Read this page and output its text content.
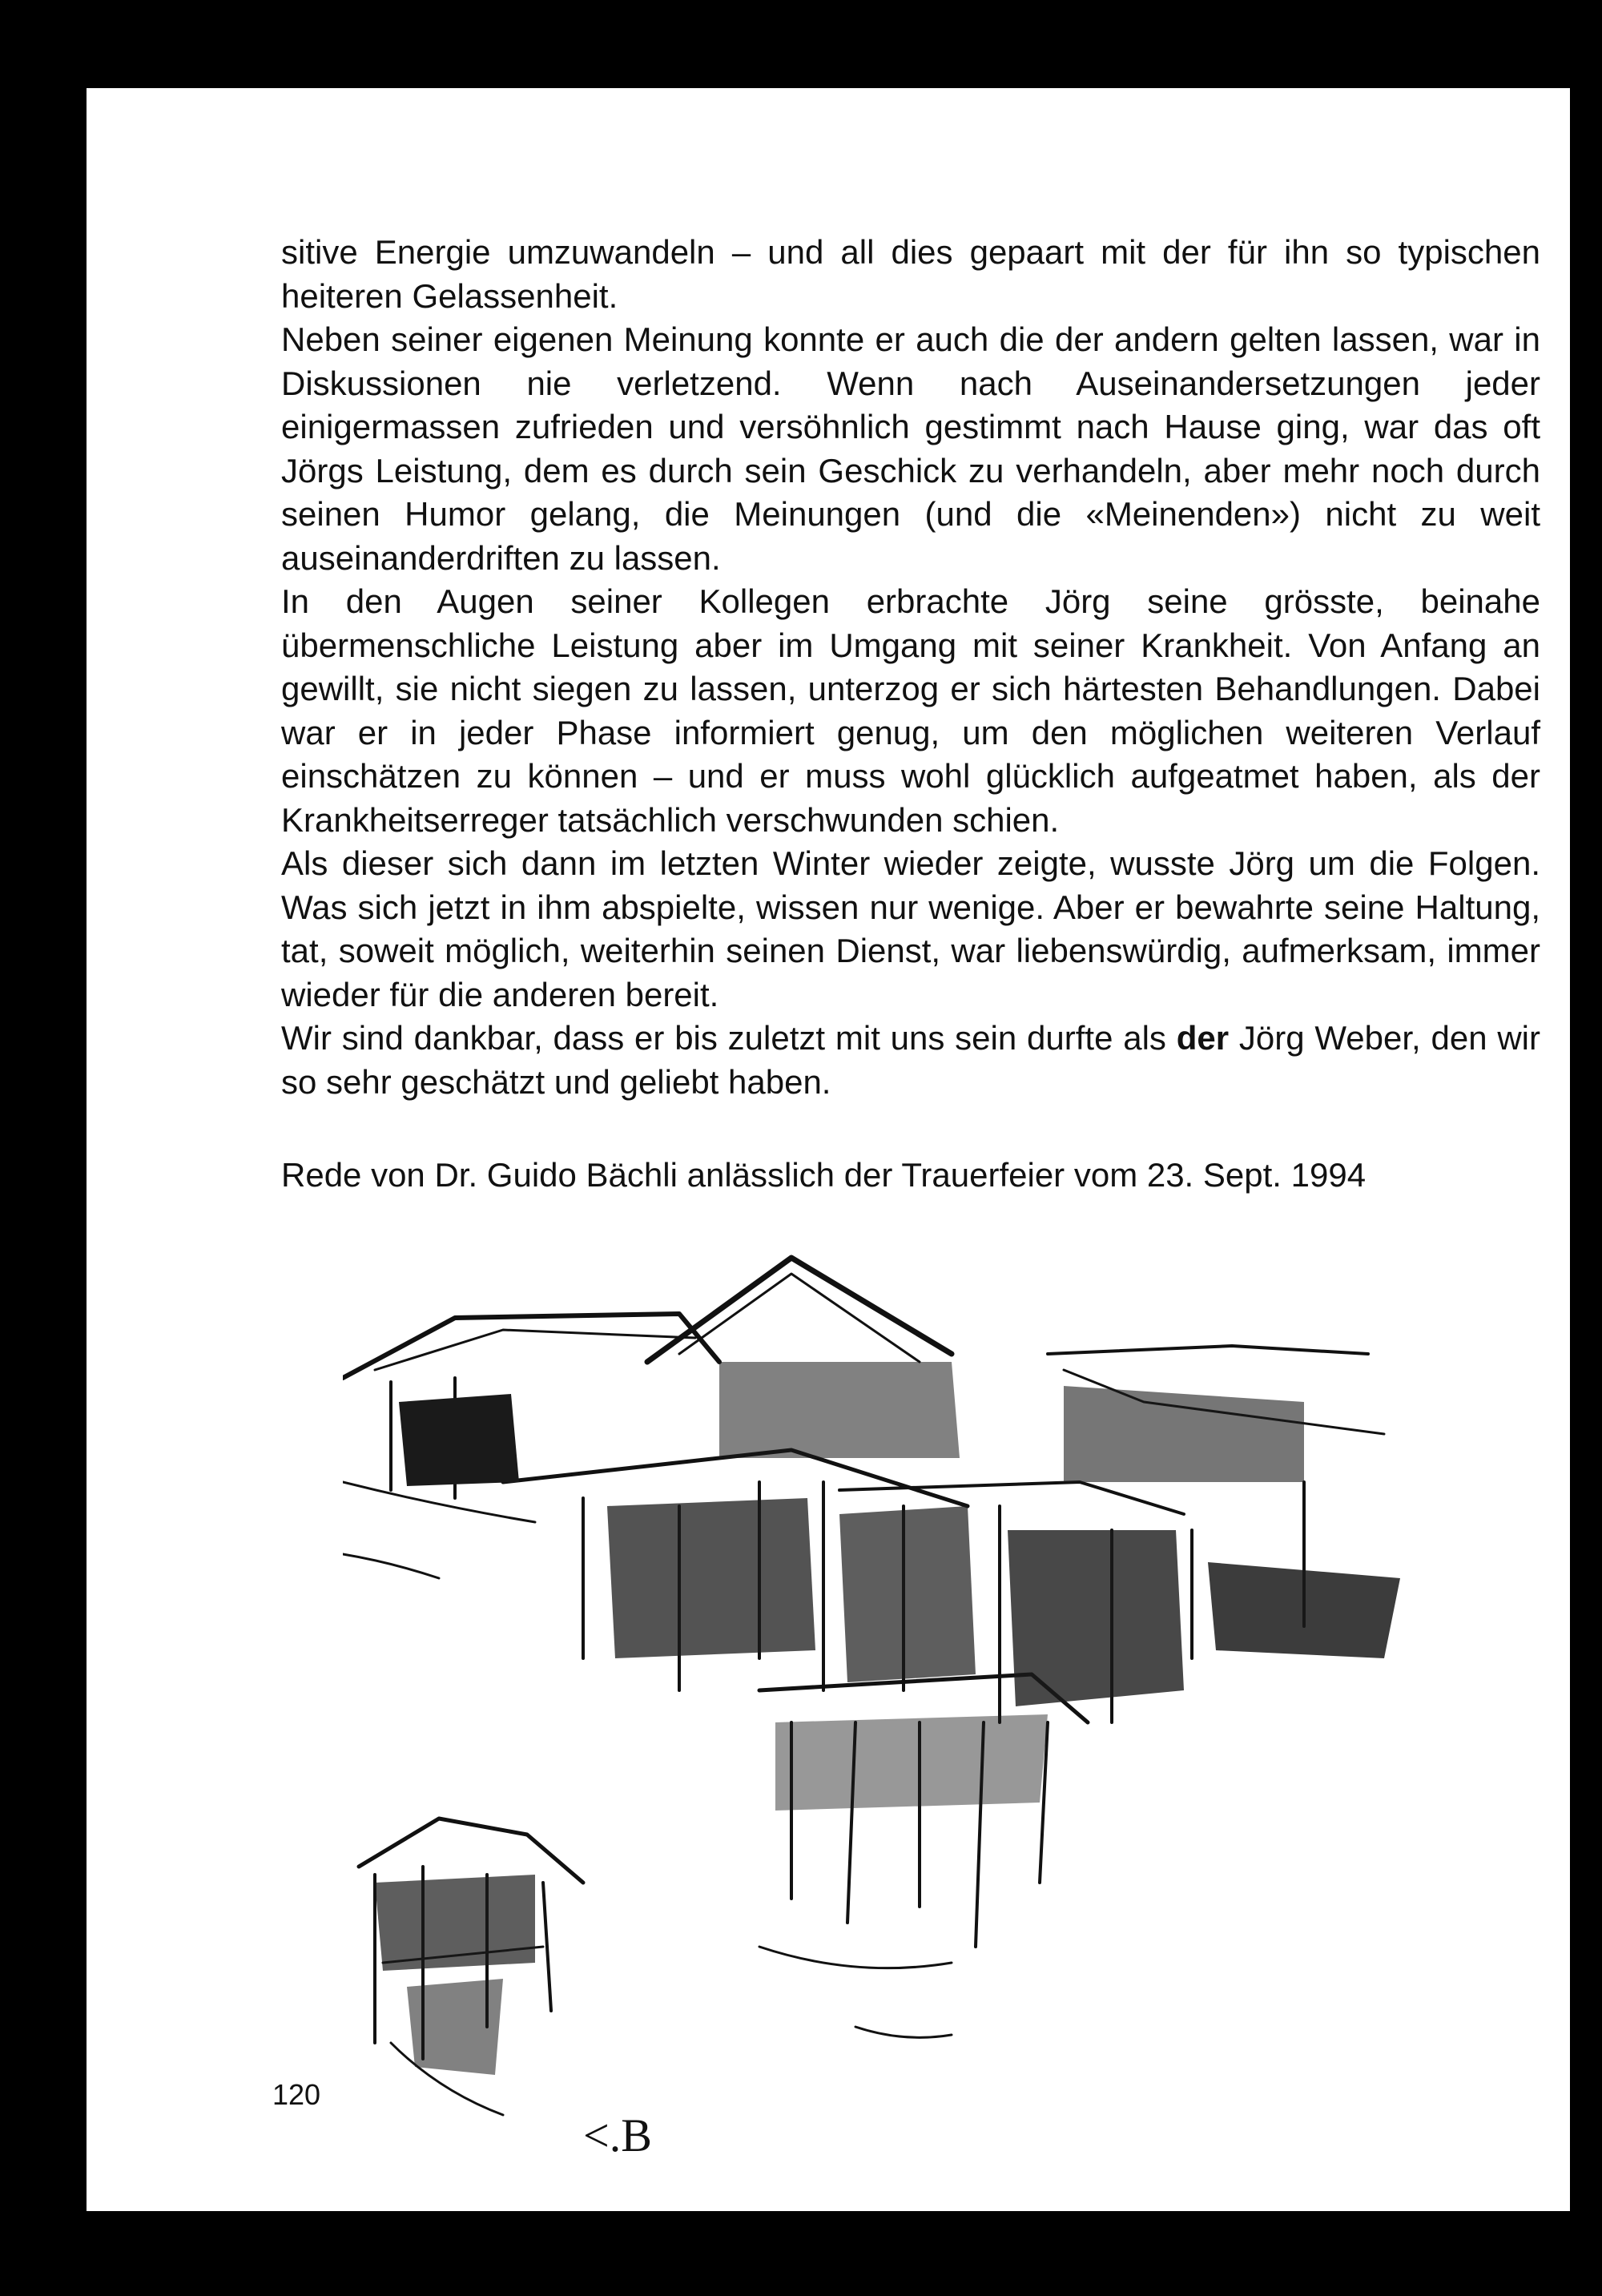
sitive Energie umzuwandeln – und all dies gepaart mit der für ihn so typischen heiteren Gelassenheit.

Neben seiner eigenen Meinung konnte er auch die der andern gelten lassen, war in Diskussionen nie verletzend. Wenn nach Auseinandersetzungen jeder einigermassen zufrieden und versöhnlich gestimmt nach Hause ging, war das oft Jörgs Leistung, dem es durch sein Geschick zu verhandeln, aber mehr noch durch seinen Humor gelang, die Meinungen (und die «Meinenden») nicht zu weit auseinanderdriften zu lassen.

In den Augen seiner Kollegen erbrachte Jörg seine grösste, beinahe übermenschliche Leistung aber im Umgang mit seiner Krankheit. Von Anfang an gewillt, sie nicht siegen zu lassen, unterzog er sich härtesten Behandlungen. Dabei war er in jeder Phase informiert genug, um den möglichen weiteren Verlauf einschätzen zu können – und er muss wohl glücklich aufgeatmet haben, als der Krankheitserreger tatsächlich verschwunden schien.

Als dieser sich dann im letzten Winter wieder zeigte, wusste Jörg um die Folgen. Was sich jetzt in ihm abspielte, wissen nur wenige. Aber er bewahrte seine Haltung, tat, soweit möglich, weiterhin seinen Dienst, war liebenswürdig, aufmerksam, immer wieder für die anderen bereit.

Wir sind dankbar, dass er bis zuletzt mit uns sein durfte als der Jörg Weber, den wir so sehr geschätzt und geliebt haben.

Rede von Dr. Guido Bächli anlässlich der Trauerfeier vom 23. Sept. 1994

<.B
120
